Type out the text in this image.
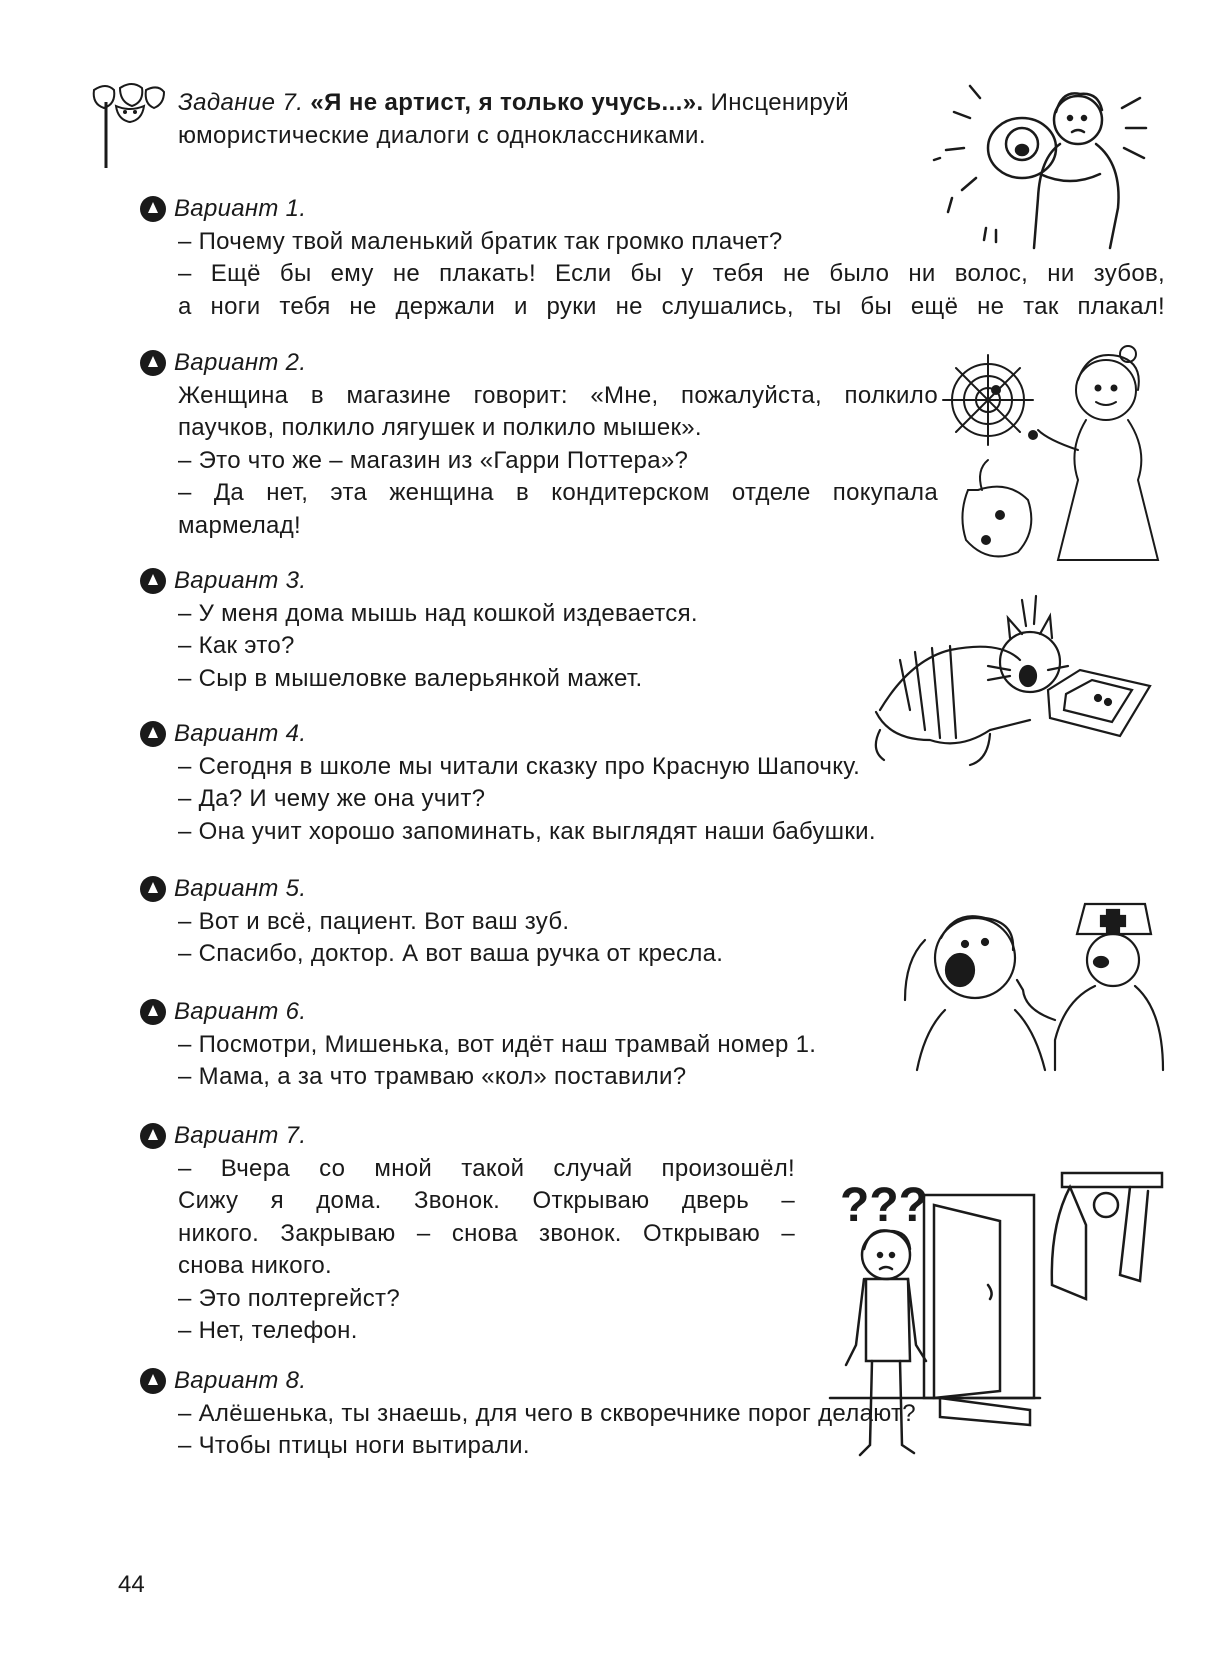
Задание 7. «Я не артист, я только учусь...». Инсценируй юмористические диалоги с одноклассниками.
Вариант 1.
– Почему твой маленький братик так громко плачет?
– Ещё бы ему не плакать! Если бы у тебя не было ни волос, ни зубов,
а ноги тебя не держали и руки не слушались, ты бы ещё не так плакал!
Вариант 2.
Женщина в магазине говорит: «Мне, пожалуйста, полкило
паучков, полкило лягушек и полкило мышек».
– Это что же – магазин из «Гарри Поттера»?
– Да нет, эта женщина в кондитерском отделе покупала
мармелад!
Вариант 3.
– У меня дома мышь над кошкой издевается.
– Как это?
– Сыр в мышеловке валерьянкой мажет.
Вариант 4.
– Сегодня в школе мы читали сказку про Красную Шапочку.
– Да? И чему же она учит?
– Она учит хорошо запоминать, как выглядят наши бабушки.
Вариант 5.
– Вот и всё, пациент. Вот ваш зуб.
– Спасибо, доктор. А вот ваша ручка от кресла.
Вариант 6.
– Посмотри, Мишенька, вот идёт наш трамвай номер 1.
– Мама, а за что трамваю «кол» поставили?
Вариант 7.
– Вчера со мной такой случай произошёл!
Сижу я дома. Звонок. Открываю дверь –
никого. Закрываю – снова звонок. Открываю –
снова никого.
– Это полтергейст?
– Нет, телефон.
Вариант 8.
– Алёшенька, ты знаешь, для чего в скворечнике порог делают?
– Чтобы птицы ноги вытирали.
44
???
